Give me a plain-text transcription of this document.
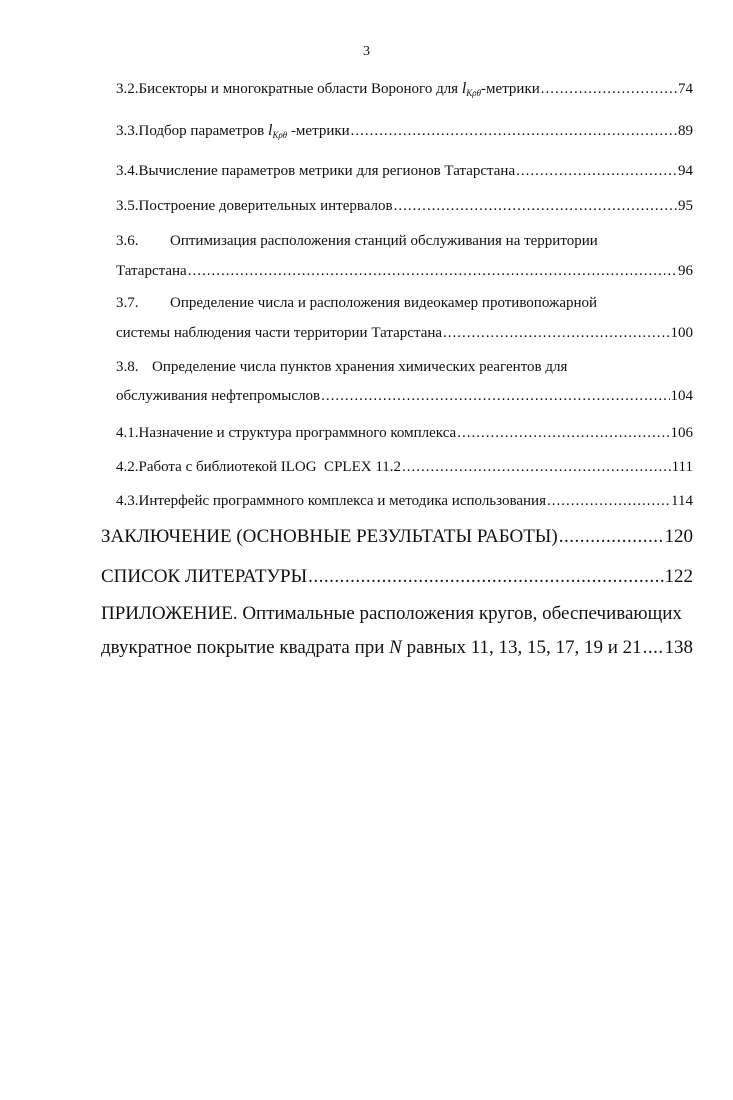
3
3.2. Бисекторы и многократные области Вороного для $l_{K\rho\theta}$-метрики .....	74
3.3. Подбор параметров $l_{K\rho\theta}$ -метрики .....	89
3.4. Вычисление параметров метрики для регионов Татарстана .....	94
3.5. Построение доверительных интервалов .....	95
3.6. Оптимизация расположения станций обслуживания на территории
Татарстана .....	96
3.7. Определение числа и расположения видеокамер противопожарной
системы наблюдения части территории Татарстана .....	100
3.8. Определение числа пунктов хранения химических реагентов для
обслуживания нефтепромыслов .....	104
4.1. Назначение и структура программного комплекса .....	106
4.2. Работа с библиотекой ILOG  CPLEX 11.2 .....	111
4.3. Интерфейс программного комплекса и методика использования .....	114
ЗАКЛЮЧЕНИЕ (ОСНОВНЫЕ РЕЗУЛЬТАТЫ РАБОТЫ) .....	120
СПИСОК ЛИТЕРАТУРЫ .....	122
ПРИЛОЖЕНИЕ. Оптимальные расположения кругов, обеспечивающих
двукратное покрытие квадрата при N равных 11, 13, 15, 17, 19 и 21 ..... 138
